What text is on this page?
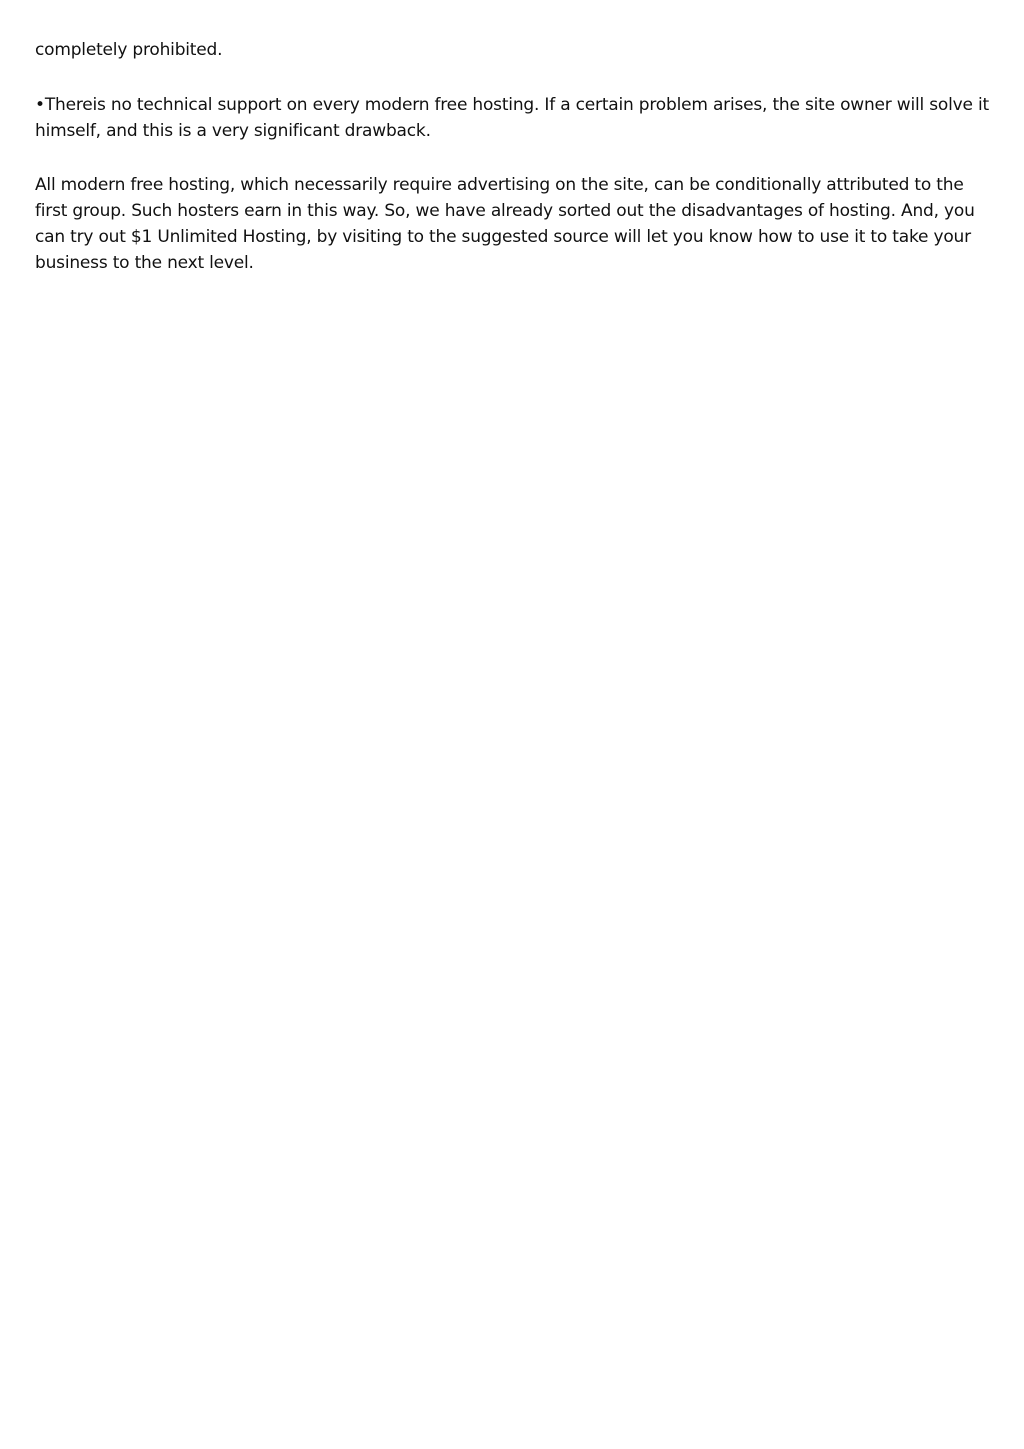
completely prohibited.

•Thereis no technical support on every modern free hosting. If a certain problem arises, the site owner will solve it himself, and this is a very significant drawback.

All modern free hosting, which necessarily require advertising on the site, can be conditionally attributed to the first group. Such hosters earn in this way. So, we have already sorted out the disadvantages of hosting. And, you can try out $1 Unlimited Hosting, by visiting to the suggested source will let you know how to use it to take your business to the next level.
